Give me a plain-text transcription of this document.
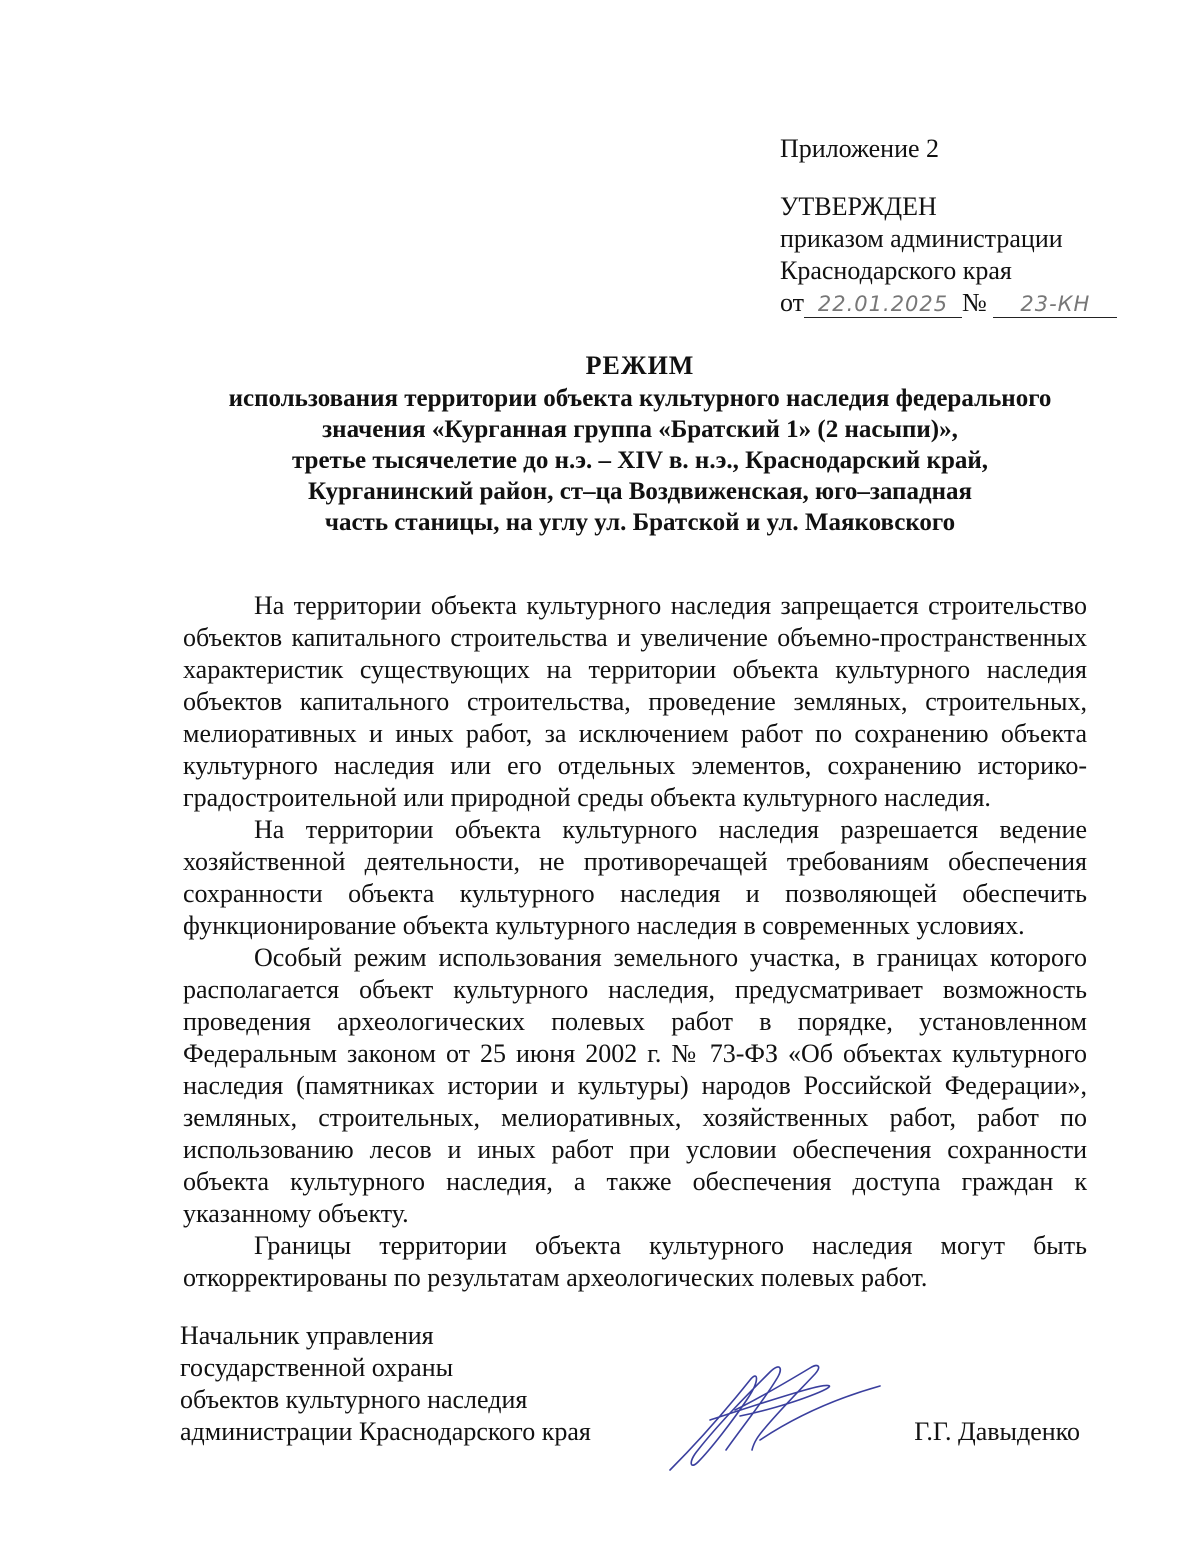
Приложение 2
УТВЕРЖДЕН
приказом администрации
Краснодарского края
от 22.01.2025 № 23-КН
РЕЖИМ
использования территории объекта культурного наследия федерального
значения «Курганная группа «Братский 1» (2 насыпи)»,
третье тысячелетие до н.э. – XIV в. н.э., Краснодарский край,
Курганинский район, ст–ца Воздвиженская, юго–западная
часть станицы, на углу ул. Братской и ул. Маяковского

На территории объекта культурного наследия запрещается строительство объектов капитального строительства и увеличение объемно-пространственных характеристик существующих на территории объекта культурного наследия объектов капитального строительства, проведение земляных, строительных, мелиоративных и иных работ, за исключением работ по сохранению объекта культурного наследия или его отдельных элементов, сохранению историко-градостроительной или природной среды объекта культурного наследия.

На территории объекта культурного наследия разрешается ведение хозяйственной деятельности, не противоречащей требованиям обеспечения сохранности объекта культурного наследия и позволяющей обеспечить функционирование объекта культурного наследия в современных условиях.

Особый режим использования земельного участка, в границах которого располагается объект культурного наследия, предусматривает возможность проведения археологических полевых работ в порядке, установленном Федеральным законом от 25 июня 2002 г. № 73-ФЗ «Об объектах культурного наследия (памятниках истории и культуры) народов Российской Федерации», земляных, строительных, мелиоративных, хозяйственных работ, работ по использованию лесов и иных работ при условии обеспечения сохранности объекта культурного наследия, а также обеспечения доступа граждан к указанному объекту.

Границы территории объекта культурного наследия могут быть откорректированы по результатам археологических полевых работ.

Начальник управления
государственной охраны
объектов культурного наследия
администрации Краснодарского края	Г.Г. Давыденко
